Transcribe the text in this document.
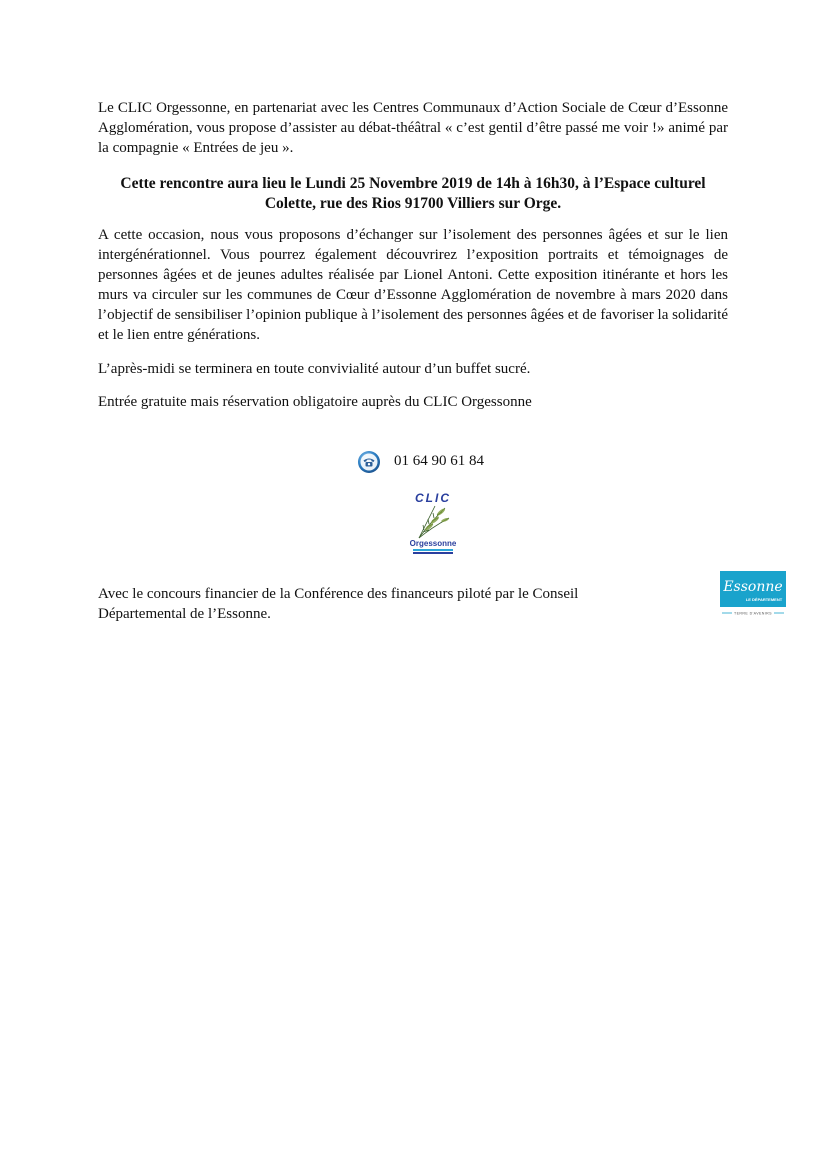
Le CLIC Orgessonne, en partenariat avec les Centres Communaux d’Action Sociale de Cœur d’Essonne Agglomération, vous propose d’assister au débat-théâtral « c’est gentil d’être passé me voir !» animé par la compagnie « Entrées de jeu ».

Cette rencontre aura lieu le Lundi 25 Novembre 2019 de 14h à 16h30, à l’Espace culturel
Colette, rue des Rios 91700 Villiers sur Orge.

A cette occasion, nous vous proposons d’échanger sur l’isolement des personnes âgées et sur le lien intergénérationnel. Vous pourrez également découvrirez l’exposition portraits et témoignages de personnes âgées et de jeunes adultes réalisée par Lionel Antoni. Cette exposition itinérante et hors les murs va circuler sur les communes de Cœur d’Essonne Agglomération de novembre à mars 2020 dans l’objectif de sensibiliser l’opinion publique à l’isolement des personnes âgées et de favoriser la solidarité et le lien entre générations.

L’après-midi se terminera en toute convivialité autour d’un buffet sucré.

Entrée gratuite mais réservation obligatoire auprès du CLIC Orgessonne

01 64 90 61 84
CLIC
Orgessonne

Avec le concours financier de la Conférence des financeurs piloté par le Conseil Départemental de l’Essonne.

Essonne
LE DÉPARTEMENT
TERRE D'AVENIRS
